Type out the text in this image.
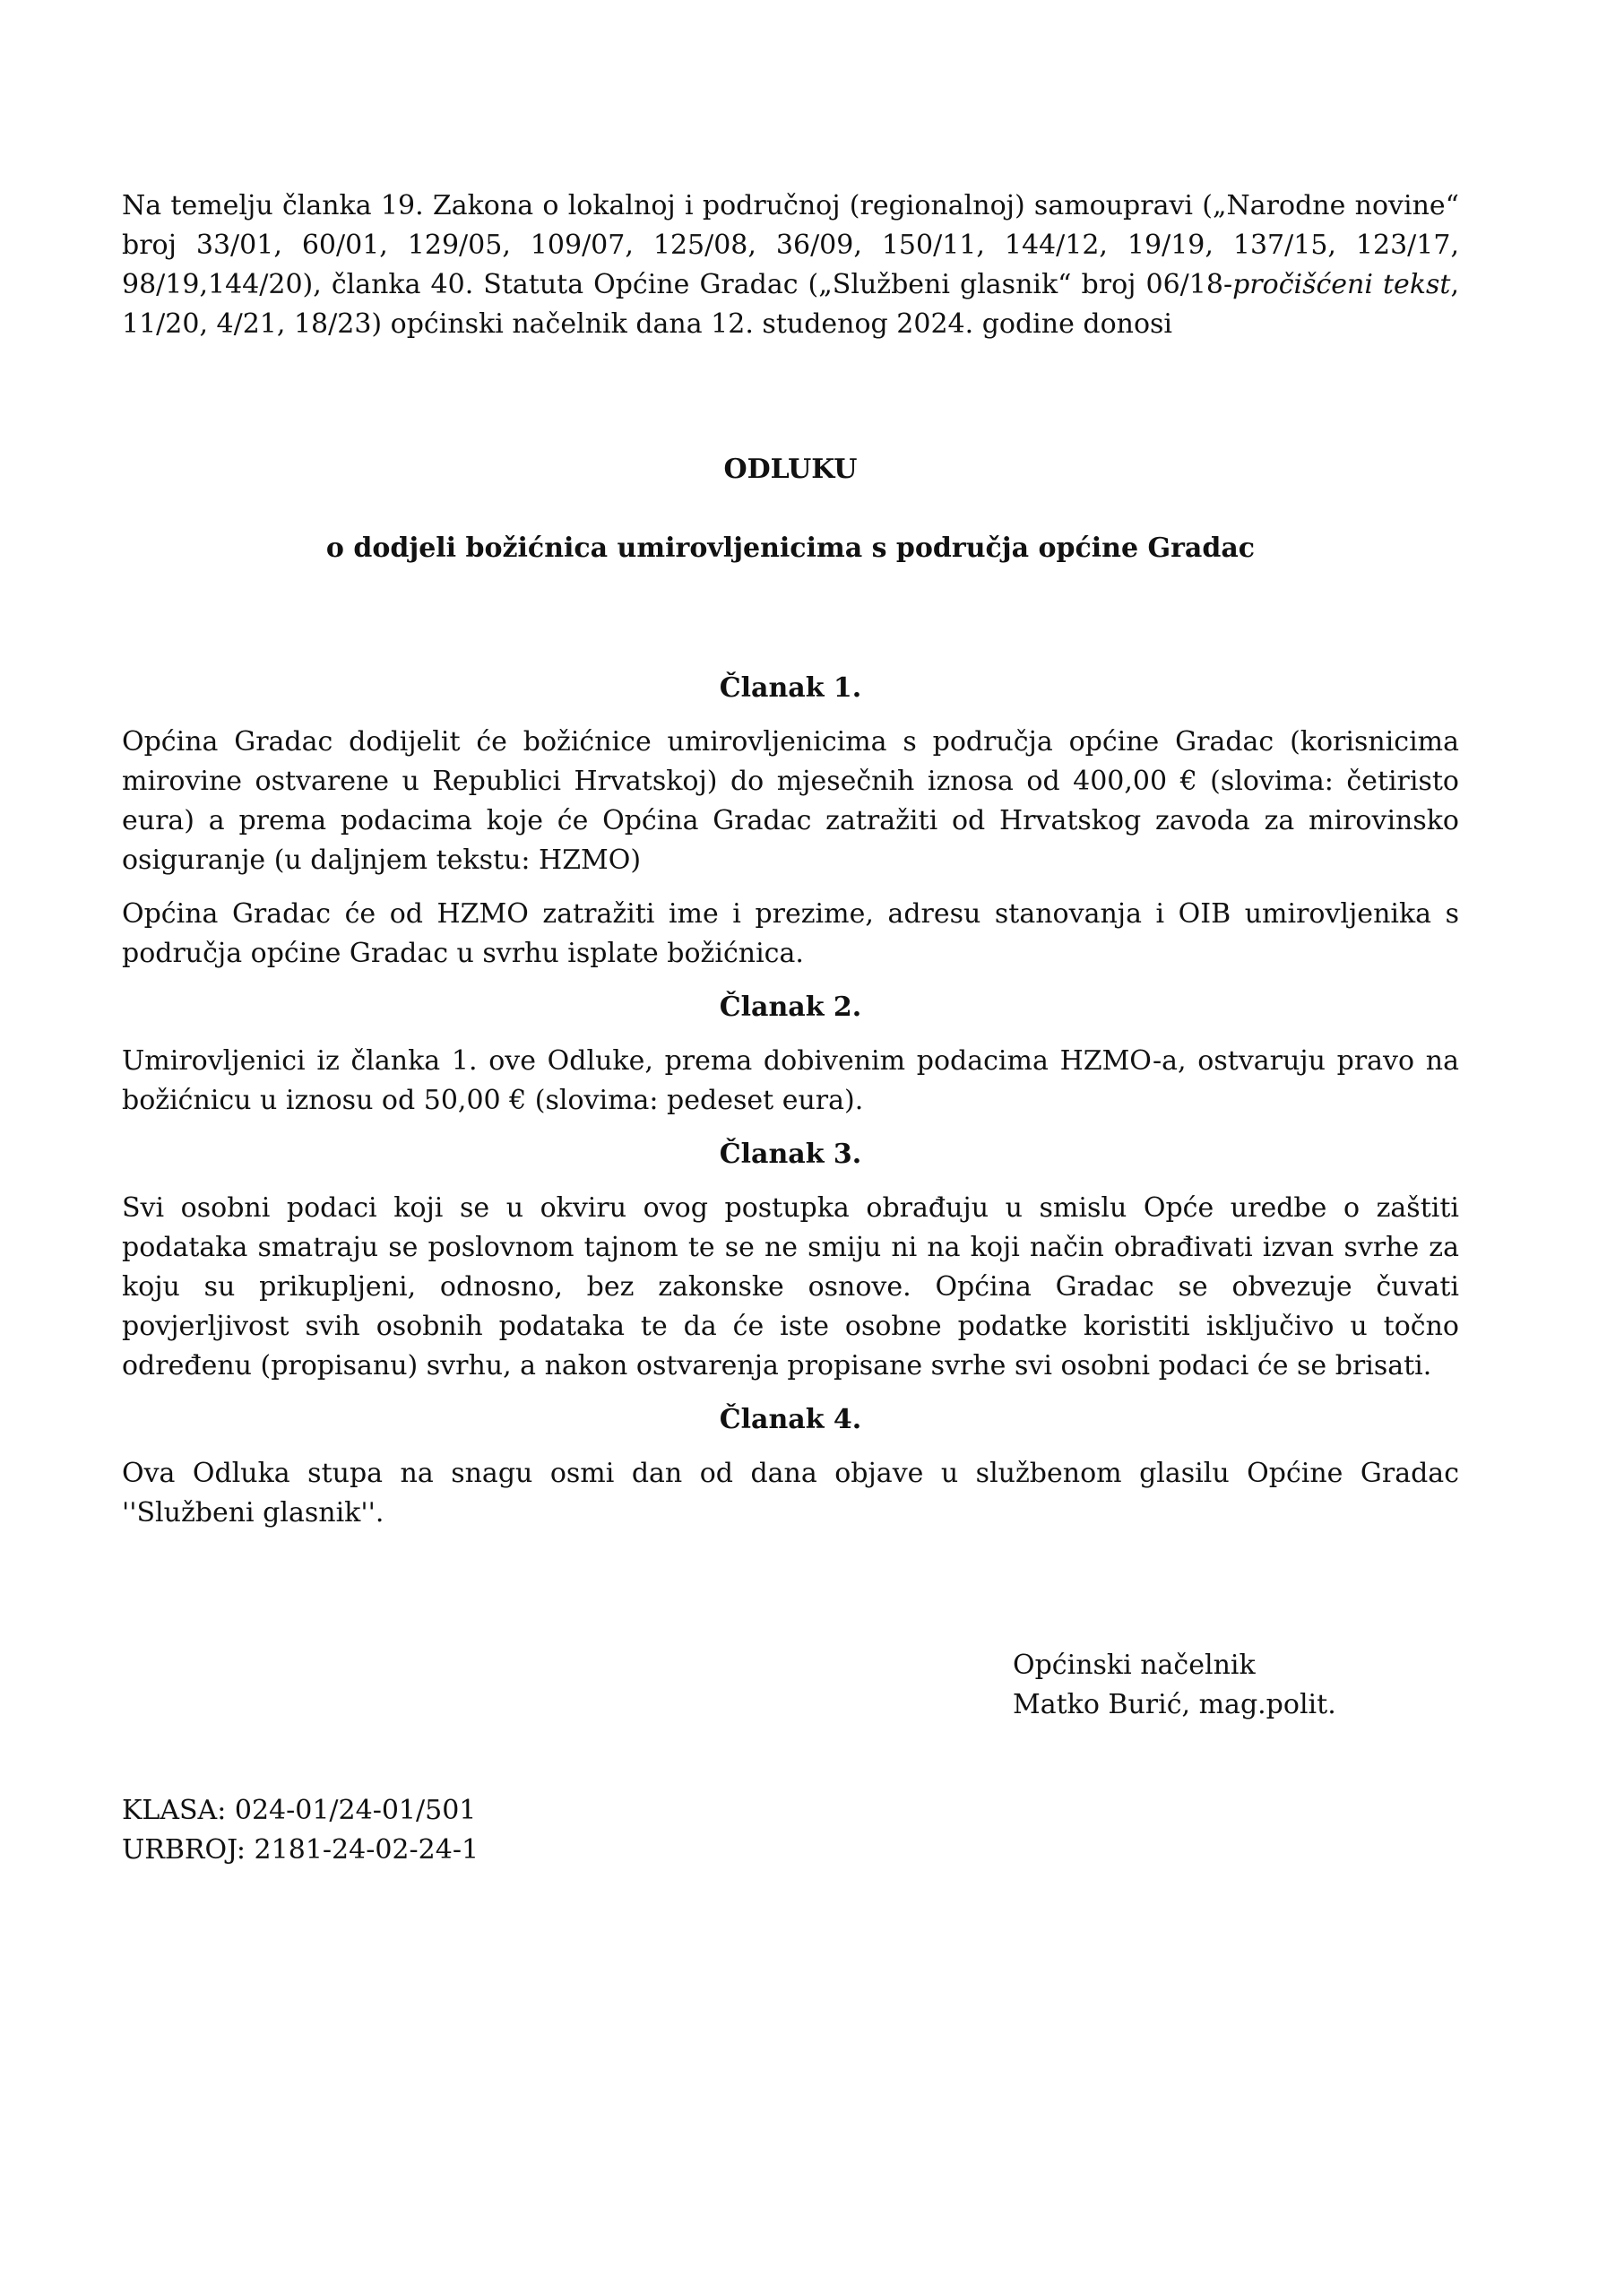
Na temelju članka 19. Zakona o lokalnoj i područnoj (regionalnoj) samoupravi („Narodne novine“ broj 33/01, 60/01, 129/05, 109/07, 125/08, 36/09, 150/11, 144/12, 19/19, 137/15, 123/17, 98/19,144/20), članka 40. Statuta Općine Gradac („Službeni glasnik“ broj 06/18-pročišćeni tekst, 11/20, 4/21, 18/23) općinski načelnik dana 12. studenog 2024. godine donosi

ODLUKU

o dodjeli božićnica umirovljenicima s područja općine Gradac

Članak 1.

Općina Gradac dodijelit će božićnice umirovljenicima s područja općine Gradac (korisnicima mirovine ostvarene u Republici Hrvatskoj) do mjesečnih iznosa od 400,00 € (slovima: četiristo eura) a prema podacima koje će Općina Gradac zatražiti od Hrvatskog zavoda za mirovinsko osiguranje (u daljnjem tekstu: HZMO)

Općina Gradac će od HZMO zatražiti ime i prezime, adresu stanovanja i OIB umirovljenika s područja općine Gradac u svrhu isplate božićnica.

Članak 2.

Umirovljenici iz članka 1. ove Odluke, prema dobivenim podacima HZMO-a, ostvaruju pravo na božićnicu u iznosu od 50,00 € (slovima: pedeset eura).

Članak 3.

Svi osobni podaci koji se u okviru ovog postupka obrađuju u smislu Opće uredbe o zaštiti podataka smatraju se poslovnom tajnom te se ne smiju ni na koji način obrađivati izvan svrhe za koju su prikupljeni, odnosno, bez zakonske osnove. Općina Gradac se obvezuje čuvati povjerljivost svih osobnih podataka te da će iste osobne podatke koristiti isključivo u točno određenu (propisanu) svrhu, a nakon ostvarenja propisane svrhe svi osobni podaci će se brisati.

Članak 4.

Ova Odluka stupa na snagu osmi dan od dana objave u službenom glasilu Općine Gradac ''Službeni glasnik''.

Općinski načelnik
Matko Burić, mag.polit.
KLASA: 024-01/24-01/501
URBROJ: 2181-24-02-24-1
